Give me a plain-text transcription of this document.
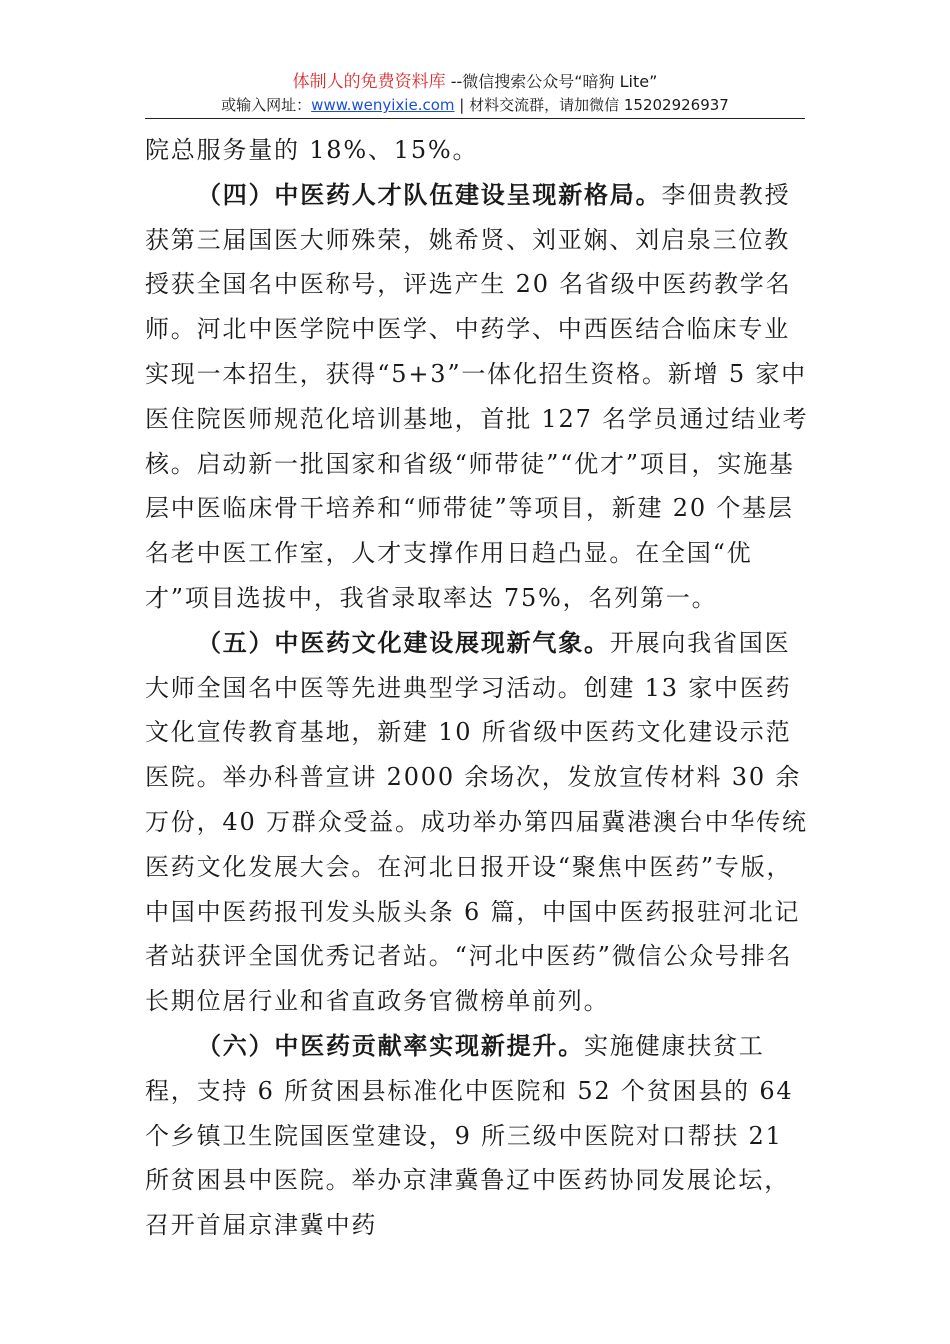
体制人的免费资料库 --微信搜索公众号“暗狗 Lite”
或输入网址：www.wenyixie.com | 材料交流群，请加微信 15202926937

院总服务量的 18%、15%。

（四）中医药人才队伍建设呈现新格局。李佃贵教授获第三届国医大师殊荣，姚希贤、刘亚娴、刘启泉三位教授获全国名中医称号，评选产生 20 名省级中医药教学名师。河北中医学院中医学、中药学、中西医结合临床专业实现一本招生，获得“5+3”一体化招生资格。新增 5 家中医住院医师规范化培训基地，首批 127 名学员通过结业考核。启动新一批国家和省级“师带徒”“优才”项目，实施基层中医临床骨干培养和“师带徒”等项目，新建 20 个基层名老中医工作室，人才支撑作用日趋凸显。在全国“优才”项目选拔中，我省录取率达 75%，名列第一。

（五）中医药文化建设展现新气象。开展向我省国医大师全国名中医等先进典型学习活动。创建 13 家中医药文化宣传教育基地，新建 10 所省级中医药文化建设示范医院。举办科普宣讲 2000 余场次，发放宣传材料 30 余万份，40 万群众受益。成功举办第四届冀港澳台中华传统医药文化发展大会。在河北日报开设“聚焦中医药”专版，中国中医药报刊发头版头条 6 篇，中国中医药报驻河北记者站获评全国优秀记者站。“河北中医药”微信公众号排名长期位居行业和省直政务官微榜单前列。

（六）中医药贡献率实现新提升。实施健康扶贫工程，支持 6 所贫困县标准化中医院和 52 个贫困县的 64 个乡镇卫生院国医堂建设，9 所三级中医院对口帮扶 21 所贫困县中医院。举办京津冀鲁辽中医药协同发展论坛，召开首届京津冀中药
